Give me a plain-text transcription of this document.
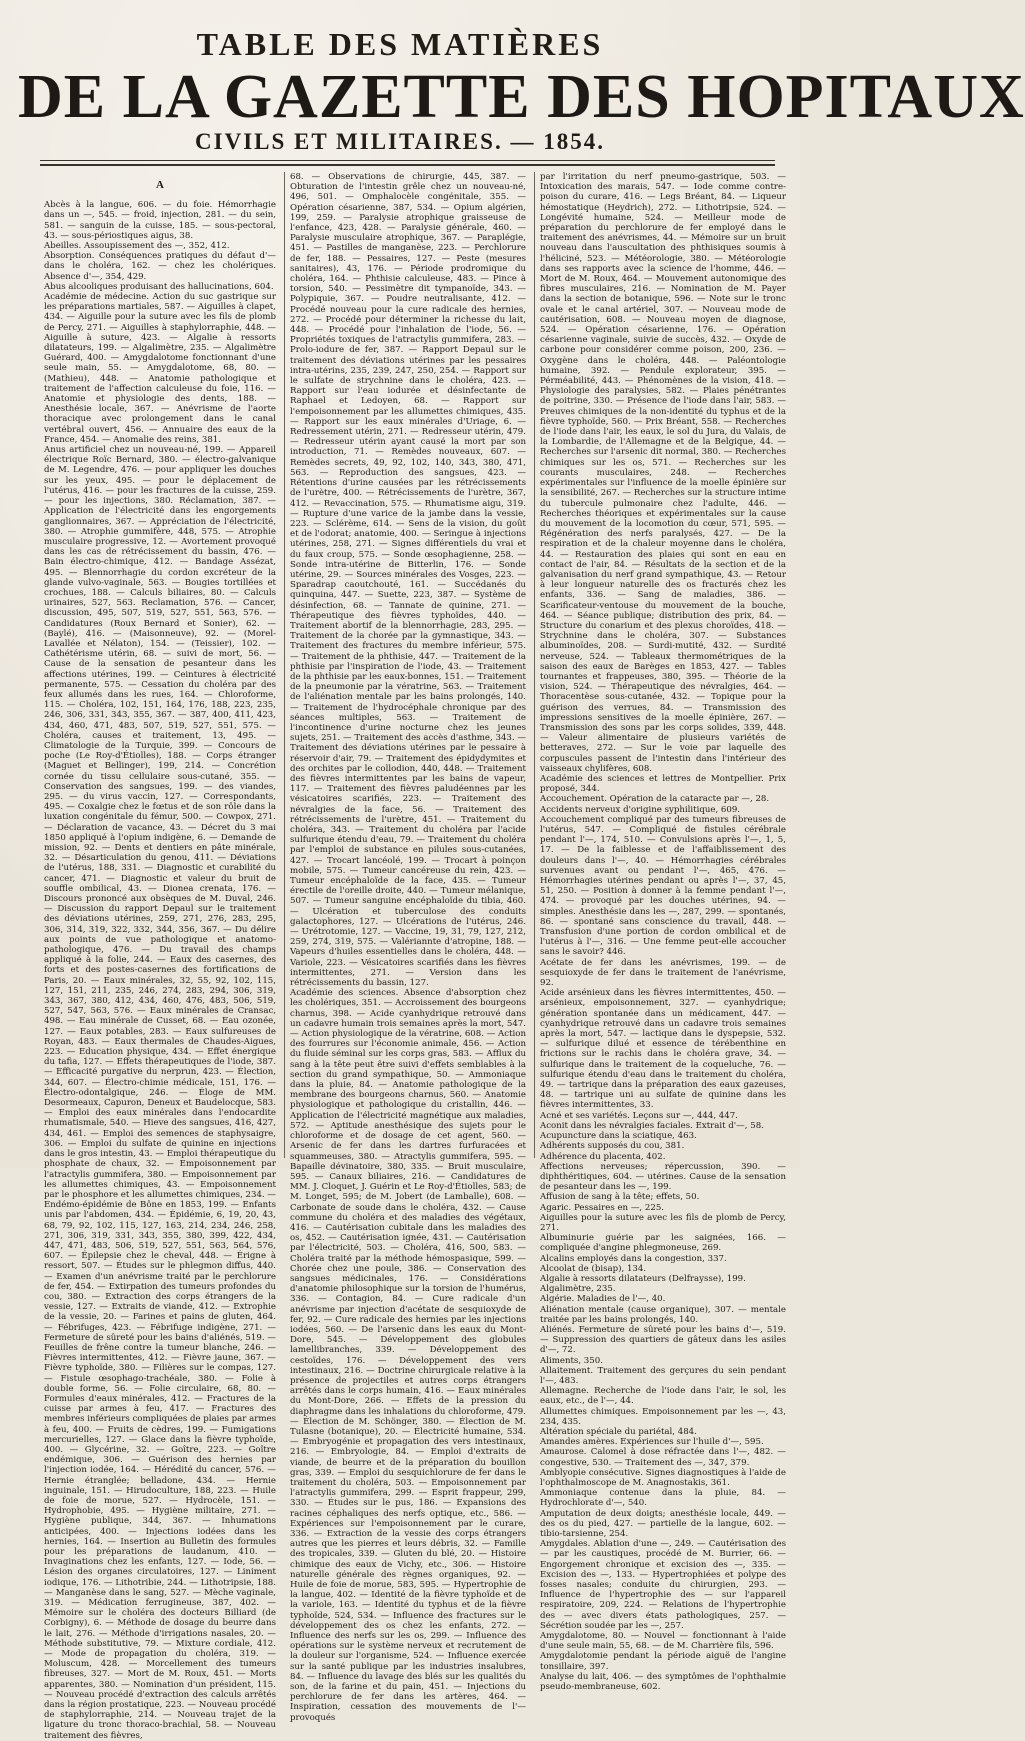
TABLE DES MATIÈRES
DE LA GAZETTE DES HOPITAUX
CIVILS ET MILITAIRES. — 1854.
A

Abcès à la langue, 606. — du foie. Hémorrhagie dans un —, 545. — froid, injection, 281. — du sein, 581. — sanguin de la cuisse, 185. — sous-pectoral, 43. — sous-périostiques aigus, 38.

Abeilles. Assoupissement des —, 352, 412.

Absorption. Conséquences pratiques du défaut d'— dans le choléra, 162. — chez les cholériques. Absence d'—, 354, 429.

Abus alcooliques produisant des hallucinations, 604.

Académie de médecine. Action du suc gastrique sur les préparations martiales, 587. — Aiguilles à clapet, 434. — Aiguille pour la suture avec les fils de plomb de Percy, 271. — Aiguilles à staphylorraphie, 448. — Aiguille à suture, 423. — Algalie à ressorts dilatateurs, 199. — Algalimètre, 235. — Algalimètre Guérard, 400. — Amygdalotome fonctionnant d'une seule main, 55. — Amygdalotome, 68, 80. — (Mathieu), 448. — Anatomie pathologique et traitement de l'affection calculeuse du foie, 116. — Anatomie et physiologie des dents, 188. — Anesthésie locale, 367. — Anévrisme de l'aorte thoracique avec prolongement dans le canal vertébral ouvert, 456. — Annuaire des eaux de la France, 454. — Anomalie des reins, 381.

Anus artificiel chez un nouveau-né, 199. — Appareil électrique Roïc Bernard, 380. — électro-galvanique de M. Legendre, 476. — pour appliquer les douches sur les yeux, 495. — pour le déplacement de l'utérus, 416. — pour les fractures de la cuisse, 259. — pour les injections, 380. Réclamation, 387. — Application de l'électricité dans les engorgements ganglionnaires, 367. — Appréciation de l'électricité, 380. — Atrophie gummifère, 448, 575. — Atrophie musculaire progressive, 12. — Avortement provoqué dans les cas de rétrécissement du bassin, 476. — Bain électro-chimique, 412. — Bandage Assézat, 495. — Blennorrhagie du cordon excréteur de la glande vulvo-vaginale, 563. — Bougies tortillées et crochues, 188. — Calculs biliaires, 80. — Calculs urinaires, 527, 563. Reclamation, 576. — Cancer, discussion, 495, 507, 519, 527, 551, 563, 576. — Candidatures (Roux Bernard et Sonier), 62. — (Baylé), 416. — (Maisonneuve), 92. — (Morel-Lavallée et Nélaton), 154. — (Teissier), 102. — Cathétérisme utérin, 68. — suivi de mort, 56. — Cause de la sensation de pesanteur dans les affections utérines, 199. — Ceintures à électricité permanente, 575. — Cessation du choléra par des feux allumés dans les rues, 164. — Chloroforme, 115. — Choléra, 102, 151, 164, 176, 188, 223, 235, 246, 306, 331, 343, 355, 367. — 387, 400, 411, 423, 434, 460, 471, 483, 507, 519, 527, 551, 575. — Choléra, causes et traitement, 13, 495. — Climatologie de la Turquie, 399. — Concours de poche (Le Roy-d'Étiolles), 188. — Corps étranger (Maguet et Bellinger), 199, 214. — Concrétion cornée du tissu cellulaire sous-cutané, 355. — Conservation des sangsues, 199. — des viandes, 295. — du virus vaccin, 127. — Correspondants, 495. — Coxalgie chez le fœtus et de son rôle dans la luxation congénitale du fémur, 500. — Cowpox, 271. — Déclaration de vacance, 43. — Décret du 3 mai 1850 appliqué à l'opium indigène, 6. — Demande de mission, 92. — Dents et dentiers en pâte minérale, 32. — Désarticulation du genou, 411. — Déviations de l'utérus, 188, 331. — Diagnostic et curabilité du cancer, 471. — Diagnostic et valeur du bruit de souffle ombilical, 43. — Dionea crenata, 176. — Discours prononcé aux obsèques de M. Duval, 246. — Discussion du rapport Depaul sur le traitement des déviations utérines, 259, 271, 276, 283, 295, 306, 314, 319, 322, 332, 344, 356, 367. — Du délire aux points de vue pathologique et anatomo-pathologique, 476. — Du travail des champs appliqué à la folie, 244. — Eaux des casernes, des forts et des postes-casernes des fortifications de Paris, 20. — Eaux minérales, 32, 55, 92, 102, 115, 127, 151, 211, 235, 246, 274, 283, 294, 306, 319, 343, 367, 380, 412, 434, 460, 476, 483, 506, 519, 527, 547, 563, 576. — Eaux minérales de Cransac, 498. — Eau minérale de Cusset, 68. — Eau ozonée, 127. — Eaux potables, 283. — Eaux sulfureuses de Royan, 483. — Eaux thermales de Chaudes-Aigues, 223. — Education physique, 434. — Effet énergique du tafia, 127. — Effets thérapeutiques de l'iode, 387. — Efficacité purgative du nerprun, 423. — Élection, 344, 607. — Électro-chimie médicale, 151, 176. — Électro-odontalgique, 246. — Éloge de MM. Desormeaux, Capuron, Deneux et Baudelocque, 583. — Emploi des eaux minérales dans l'endocardite rhumatismale, 540. — Hieve des sangsues, 416, 427, 434, 461. — Emploi des semences de staphysaigre, 306. — Emploi du sulfate de quinine en injections dans le gros intestin, 43. — Emploi thérapeutique du phosphate de chaux, 32. — Empoisonnement par l'atractylis gummifera, 380. — Empoisonnement par les allumettes chimiques, 43. — Empoisonnement par le phosphore et les allumettes chimiques, 234. — Endémo-épidémie de Bône en 1853, 199. — Enfants unis par l'abdomen, 434. — Épidémie, 6, 19, 20, 43, 68, 79, 92, 102, 115, 127, 163, 214, 234, 246, 258, 271, 306, 319, 331, 343, 355, 380, 399, 422, 434, 447, 471, 483, 506, 519, 527, 551, 563, 564, 576, 607. — Épilepsie chez le cheval, 448. — Érigne à ressort, 507. — Études sur le phlegmon diffus, 440. — Examen d'un anévrisme traité par le perchlorure de fer, 454. — Extirpation des tumeurs profondes du cou, 380. — Extraction des corps étrangers de la vessie, 127. — Extraits de viande, 412. — Extrophie de la vessie, 20. — Farines et pains de gluten, 464. — Fébrifuges, 423. — Fébrifuge indigène, 271. — Fermeture de sûreté pour les bains d'aliénés, 519. — Feuilles de frêne contre la tumeur blanche, 246. — Fièvres intermittentes, 412. — Fièvre jaune, 367. — Fièvre typhoïde, 380. — Filières sur le compas, 127. — Fistule œsophago-trachéale, 380. — Folie à double forme, 56. — Folie circulaire, 68, 80. — Formules d'eaux minérales, 412. — Fractures de la cuisse par armes à feu, 417. — Fractures des membres inférieurs compliquées de plaies par armes à feu, 400. — Fruits de cèdres, 199. — Fumigations mercurielles, 127. — Glace dans la fièvre typhoïde, 400. — Glycérine, 32. — Goître, 223. — Goître endémique, 306. — Guérison des hernies par l'injection iodée, 164. — Hérédité du cancer, 576. — Hernie étranglée; belladone, 434. — Hernie inguinale, 151. — Hirudoculture, 188, 223. — Huile de foie de morue, 527. — Hydrocèle, 151. — Hydrophobie, 495. — Hygiène militaire, 271. — Hygiène publique, 344, 367. — Inhumations anticipées, 400. — Injections iodées dans les hernies, 164. — Insertion au Bulletin des formules pour les préparations de laudanum, 410. — Invaginations chez les enfants, 127. — Iode, 56. — Lésion des organes circulatoires, 127. — Liniment iodique, 176. — Lithotribie, 244. — Lithotripsie, 188. — Manganèse dans le sang, 527. — Mèche vaginale, 319. — Médication ferrugineuse, 387, 402. — Mémoire sur le choléra des docteurs Billiard (de Corbigny), 6. — Méthode de dosage du beurre dans le lait, 276. — Méthode d'irrigations nasales, 20. — Méthode substitutive, 79. — Mixture cordiale, 412. — Mode de propagation du choléra, 319. — Moluscum, 428. — Morcellement des tumeurs fibreuses, 327. — Mort de M. Roux, 451. — Morts apparentes, 380. — Nomination d'un président, 115. — Nouveau procédé d'extraction des calculs arrêtés dans la région prostatique, 223. — Nouveau procédé de staphylorraphie, 214. — Nouveau trajet de la ligature du tronc thoraco-brachial, 58. — Nouveau traitement des fièvres,

68. — Observations de chirurgie, 445, 387. — Obturation de l'intestin grêle chez un nouveau-né, 496, 501. — Omphalocèle congénitale, 355. — Opération césarienne, 387, 534. — Opium algérien, 199, 259. — Paralysie atrophique graisseuse de l'enfance, 423, 428. — Paralysie générale, 460. — Paralysie musculaire atrophique, 367. — Paraplégie, 451. — Pastilles de manganèse, 223. — Perchlorure de fer, 188. — Pessaires, 127. — Peste (mesures sanitaires), 43, 176. — Période prodromique du choléra, 164. — Phthisie calculeuse, 483. — Pince à torsion, 540. — Pessimètre dit tympanoïde, 343. — Polypiquie, 367. — Poudre neutralisante, 412. — Procédé nouveau pour la cure radicale des hernies, 272. — Procédé pour déterminer la richesse du lait, 448. — Procédé pour l'inhalation de l'iode, 56. — Propriétés toxiques de l'atractylis gummifera, 283. — Prolo-iodure de fer, 387. — Rapport Depaul sur le traitement des déviations utérines par les pessaires intra-utérins, 235, 239, 247, 250, 254. — Rapport sur le sulfate de strychnine dans le choléra, 423. — Rapport sur l'eau iodurée et désinfectante de Raphael et Ledoyen, 68. — Rapport sur l'empoisonnement par les allumettes chimiques, 435. — Rapport sur les eaux minérales d'Uriage, 6. — Redressement utérin, 271. — Redresseur utérin, 479. — Redresseur utérin ayant causé la mort par son introduction, 71. — Remèdes nouveaux, 607. — Remèdes secrets, 49, 92, 102, 140, 343, 380, 471, 563. — Reproduction des sangsues, 423. — Rétentions d'urine causées par les rétrécissements de l'urètre, 400. — Rétrécissements de l'urètre, 367, 412. — Revaccination, 575. — Rhumatisme aigu, 319. — Rupture d'une varice de la jambe dans la vessie, 223. — Sclérème, 614. — Sens de la vision, du goût et de l'odorat; anatomie, 400. — Seringue à injections utérines, 258, 271. — Signes différentiels du vrai et du faux croup, 575. — Sonde œsophagienne, 258. — Sonde intra-utérine de Bitterlin, 176. — Sonde utérine, 29. — Sources minérales des Vosges, 223. — Sparadrap caoutchouté, 161. — Succédanés du quinquina, 447. — Suette, 223, 387. — Système de désinfection, 68. — Tannate de quinine, 271. — Thérapeutique des fièvres typhoïdes, 440. — Traitement abortif de la blennorrhagie, 283, 295. — Traitement de la chorée par la gymnastique, 343. — Traitement des fractures du membre inférieur, 575. — Traitement de la phthisie, 447. — Traitement de la phthisie par l'inspiration de l'iode, 43. — Traitement de la phthisie par les eaux-bonnes, 151. — Traitement de la pneumonie par la vératrine, 563. — Traitement de l'aliénation mentale par les bains prolongés, 140. — Traitement de l'hydrocéphale chronique par des séances multiples, 563. — Traitement de l'incontinence d'urine nocturne chez les jeunes sujets, 251. — Traitement des accès d'asthme, 343. — Traitement des déviations utérines par le pessaire à réservoir d'air, 79. — Traitement des épidydymites et des orchites par le collodion, 440, 448. — Traitement des fièvres intermittentes par les bains de vapeur, 117. — Traitement des fièvres paludéennes par les vésicatoires scarifiés, 223. — Traitement des névralgies de la face, 56. — Traitement des rétrécissements de l'urètre, 451. — Traitement du choléra, 343. — Traitement du choléra par l'acide sulfurique étendu d'eau, 79. — Traitement du choléra par l'emploi de substance en pilules sous-cutanées, 427. — Trocart lancéolé, 199. — Trocart à poinçon mobile, 575. — Tumeur cancéreuse du rein, 423. — Tumeur encéphaloïde de la face, 435. — Tumeur érectile de l'oreille droite, 440. — Tumeur mélanique, 507. — Tumeur sanguine encéphaloïde du tibia, 460. — Ulcération et tuberculose des conduits galactophores, 127. — Ulcérations de l'utérus, 246. — Urétrotomie, 127. — Vaccine, 19, 31, 79, 127, 212, 259, 274, 319, 575. — Valériannte d'atropine, 188. — Vapeurs d'huiles essentielles dans le choléra, 448. — Variole, 223. — Vésicatoires scarifiés dans les fièvres intermittentes, 271. — Version dans les rétrécissements du bassin, 127.

Académie des sciences. Absence d'absorption chez les cholériques, 351. — Accroissement des bourgeons charnus, 398. — Acide cyanhydrique retrouvé dans un cadavre humain trois semaines après la mort, 547. — Action physiologique de la vératrine, 608. — Action des fourrures sur l'économie animale, 456. — Action du fluide séminal sur les corps gras, 583. — Afflux du sang à la tête peut être suivi d'effets semblables à la section du grand sympathique, 50. — Ammoniaque dans la pluie, 84. — Anatomie pathologique de la membrane des bourgeons charnus, 560. — Anatomie physiologique et pathologique du cristallin, 446. — Application de l'électricité magnétique aux maladies, 572. — Aptitude anesthésique des sujets pour le chloroforme et de dosage de cet agent, 560. — Arsenic de fer dans les dartres furfuracées et squammeuses, 380. — Atractylis gummifera, 595. — Bapaille dévinatoire, 380, 335. — Bruit musculaire, 595. — Canaux biliaires, 216. — Candidatures de MM. J. Cloquet, J. Guérin et Le Roy-d'Étiolles, 583; de M. Longet, 595; de M. Jobert (de Lamballe), 608. — Carbonate de soude dans le choléra, 432. — Cause commune du choléra et des maladies des végétaux, 416. — Cautérisation cubitale dans les maladies des os, 452. — Cautérisation ignée, 431. — Cautérisation par l'électricité, 503. — Choléra, 416, 500, 583. — Choléra traité par la méthode hémospasique, 599. — Chorée chez une poule, 386. — Conservation des sangsues médicinales, 176. — Considérations d'anatomie philosophique sur la torsion de l'humérus, 336. — Contagion, 84. — Cure radicale d'un anévrisme par injection d'acétate de sesquioxyde de fer, 92. — Cure radicale des hernies par les injections iodées, 560. — De l'arsenic dans les eaux du Mont-Dore, 545. — Développement des globules lamellibranches, 339. — Développement des cestoïdes, 176. — Développement des vers intestinaux, 216. — Doctrine chirurgicale relative à la présence de projectiles et autres corps étrangers arrêtés dans le corps humain, 416. — Eaux minérales du Mont-Dore, 266. — Effets de la pression du diaphragme dans les inhalations du chloroforme, 479. — Élection de M. Schönger, 380. — Élection de M. Tulasne (botanique), 20. — Électricité humaine, 534. — Embryogénie et propagation des vers intestinaux, 216. — Embryologie, 84. — Emploi d'extraits de viande, de beurre et de la préparation du bouillon gras, 339. — Emploi du sesquichlorure de fer dans le traitement du choléra, 503. — Empoisonnement par l'atractylis gummifera, 299. — Esprit frappeur, 299, 330. — Études sur le pus, 186. — Expansions des racines céphaliques des nerfs optique, etc., 586. — Expériences sur l'empoisonnement par le curare, 336. — Extraction de la vessie des corps étrangers autres que les pierres et leurs débris, 32. — Famille des tropicales, 339. — Gluten du blé, 20. — Histoire chimique des eaux de Vichy, etc., 306. — Histoire naturelle générale des règnes organiques, 92. — Huile de foie de morue, 583, 595. — Hypertrophie de la langue, 402. — Identité de la fièvre typhoïde et de la variole, 163. — Identité du typhus et de la fièvre typhoïde, 524, 534. — Influence des fractures sur le développement des os chez les enfants, 272. — Influence des nerfs sur les os, 299. — Influence des opérations sur le système nerveux et recrutement de la douleur sur l'organisme, 524. — Influence exercée sur la santé publique par les industries insalubres, 84. — Influence du lavage des blés sur les qualités du son, de la farine et du pain, 451. — Injections du perchlorure de fer dans les artères, 464. — Inspiration, cessation des mouvements de l'— provoqués

par l'irritation du nerf pneumo-gastrique, 503. — Intoxication des marais, 547. — Iode comme contre-poison du curare, 416. — Legs Bréant, 84. — Liqueur hémostatique (Heydrich), 272. — Lithotripsie, 524. — Longévité humaine, 524. — Meilleur mode de préparation du perchlorure de fer employé dans le traitement des anévrismes, 44. — Mémoire sur un bruit nouveau dans l'auscultation des phthisiques soumis à l'héliciné, 523. — Météorologie, 380. — Météorologie dans ses rapports avec la science de l'homme, 446. — Mort de M. Roux, 464. — Mouvement autonomique des fibres musculaires, 216. — Nomination de M. Payer dans la section de botanique, 596. — Note sur le tronc ovale et le canal artériel, 307. — Nouveau mode de cautérisation, 608. — Nouveau moyen de diagnose, 524. — Opération césarienne, 176. — Opération césarienne vaginale, suivie de succès, 432. — Oxyde de carbone pour considérer comme poison, 200, 236. — Oxygène dans le choléra, 448. — Paléontologie humaine, 392. — Pendule explorateur, 395. — Pérméabilité, 443. — Phénomènes de la vision, 418. — Physiologie des paralysies, 582. — Plaies pénétrantes de poitrine, 330. — Présence de l'iode dans l'air, 583. — Preuves chimiques de la non-identité du typhus et de la fièvre typhoïde, 560. — Prix Bréant, 558. — Recherches de l'iode dans l'air, les eaux, le sol du Jura, du Valais, de la Lombardie, de l'Allemagne et de la Belgique, 44. — Recherches sur l'arsenic dit normal, 380. — Recherches chimiques sur les os, 571. — Recherches sur les courants musculaires, 248. — Recherches expérimentales sur l'influence de la moelle épinière sur la sensibilité, 267. — Recherches sur la structure intime du tubercule pulmonaire chez l'adulte, 446. — Recherches théoriques et expérimentales sur la cause du mouvement de la locomotion du cœur, 571, 595. — Régénération des nerfs paralysés, 427. — De la respiration et de la chaleur moyenne dans le choléra, 44. — Restauration des plaies qui sont en eau en contact de l'air, 84. — Résultats de la section et de la galvanisation du nerf grand sympathique, 43. — Retour à leur longueur naturelle des os fracturés chez les enfants, 336. — Sang de maladies, 386. — Scarificateur-ventouse du mouvement de la bouche, 464. — Séance publique; distribution des prix, 84. — Structure du conarium et des plexus choroïdes, 418. — Strychnine dans le choléra, 307. — Substances albuminoïdes, 208. — Surdi-mutité, 432. — Surdité nerveuse, 524. — Tableaux thermométriques de la saison des eaux de Barèges en 1853, 427. — Tables tournantes et frappeuses, 380, 395. — Théorie de la vision, 524. — Thérapeutique des névralgies, 464. — Thoracentèse sous-cutanée, 432. — Topique pour la guérison des verrues, 84. — Transmission des impressions sensitives de la moelle épinière, 267. — Transmission des sons par les corps solides, 339, 448. — Valeur alimentaire de plusieurs variétés de betteraves, 272. — Sur le voie par laquelle des corpuscules passent de l'intestin dans l'intérieur des vaisseaux chylifères, 608.

Académie des sciences et lettres de Montpellier. Prix proposé, 344.

Accouchement. Opération de la cataracte par —, 28.

Accidents nerveux d'origine syphilitique, 609.

Accouchement compliqué par des tumeurs fibreuses de l'utérus, 547. — Compliqué de fistules cérébrale pendant l'—, 174, 510. — Convulsions après l'—, 1, 5, 17. — De la faiblesse et de l'affaiblissement des douleurs dans l'—, 40. — Hémorrhagies cérébrales survenues avant ou pendant l'—, 465, 476. — Hémorrhagies utérines pendant ou après l'—, 37, 45, 51, 250. — Position à donner à la femme pendant l'—, 474. — provoqué par les douches utérines, 94. — simples. Anesthésie dans les —, 287, 299. — spontanés, 86. — spontané sans conscience du travail, 448. — Transfusion d'une portion de cordon ombilical et de l'utérus à l'—, 316. — Une femme peut-elle accoucher sans le savoir? 446.

Acétate de fer dans les anévrismes, 199. — de sesquioxyde de fer dans le traitement de l'anévrisme, 92.

Acide arsénieux dans les fièvres intermittentes, 450. — arsénieux, empoisonnement, 327. — cyanhydrique; génération spontanée dans un médicament, 447. — cyanhydrique retrouvé dans un cadavre trois semaines après la mort, 547. — lactique dans le dyspepsie, 532. — sulfurique dilué et essence de térébenthine en frictions sur le rachis dans le choléra grave, 34. — sulfurique dans le traitement de la coqueluche, 76. — sulfurique étendu d'eau dans le traitement du choléra, 49. — tartrique dans la préparation des eaux gazeuses, 48. — tartrique uni au sulfate de quinine dans les fièvres intermittentes, 33.

Acné et ses variétés. Leçons sur —, 444, 447.

Aconit dans les névralgies faciales. Extrait d'—, 58.

Acupuncture dans la sciatique, 463.

Adhérents supposés du cou, 381.

Adhérence du placenta, 402.

Affections nerveuses; répercussion, 390. — diphthéritiques, 604. — utérines. Cause de la sensation de pesanteur dans les —, 199.

Affusion de sang à la tête; effets, 50.

Agaric. Pessaires en —, 225.

Aiguilles pour la suture avec les fils de plomb de Percy, 271.

Albuminurie guérie par les saignées, 166. — compliquée d'angine phlegmoneuse, 269.

Alcalins employés dans la congestion, 337.

Alcoolat de (bisap), 134.

Algalie à ressorts dilatateurs (Delfraysse), 199.

Algalimètre, 235.

Algérie. Maladies de l'—, 40.

Aliénation mentale (cause organique), 307. — mentale traitée par les bains prolongés, 140.

Aliénés. Fermeture de sûreté pour les bains d'—, 519. — Suppression des quartiers de gâteux dans les asiles d'—, 72.

Aliments, 350.

Allaitement. Traitement des gerçures du sein pendant l'—, 483.

Allemagne. Recherche de l'iode dans l'air, le sol, les eaux, etc., de l'—, 44.

Allumettes chimiques. Empoisonnement par les —, 43, 234, 435.

Altération spéciale du pariétal, 484.

Amandes amères. Expériences sur l'huile d'—, 595.

Amaurose. Calomel à dose réfractée dans l'—, 482. — congestive, 530. — Traitement des —, 347, 379.

Amblyopie consécutive. Signes diagnostiques à l'aide de l'ophthalmoscope de M. Anagnostakis, 361.

Ammoniaque contenue dans la pluie, 84. — Hydrochlorate d'—, 540.

Amputation de deux doigts; anesthésie locale, 449. — des os du pied, 427. — partielle de la langue, 602. — tibio-tarsienne, 254.

Amygdales. Ablation d'une —, 249. — Cautérisation des — par les caustiques, procédé de M. Burrier, 66. — Engorgement chronique et excision des —, 335. — Excision des —, 133. — Hypertrophiées et polype des fosses nasales; conduite du chirurgien, 293. — Influence de l'hypertrophie des — sur l'appareil respiratoire, 209, 224. — Relations de l'hypertrophie des — avec divers états pathologiques, 257. — Sécrétion soudée par les —, 257.

Amygdalotome, 80. — Nouvel — fonctionnant à l'aide d'une seule main, 55, 68. — de M. Charrière fils, 596.

Amygdalotomie pendant la période aiguë de l'angine tonsillaire, 397.

Analyse du lait, 406. — des symptômes de l'ophthalmie pseudo-membraneuse, 602.
